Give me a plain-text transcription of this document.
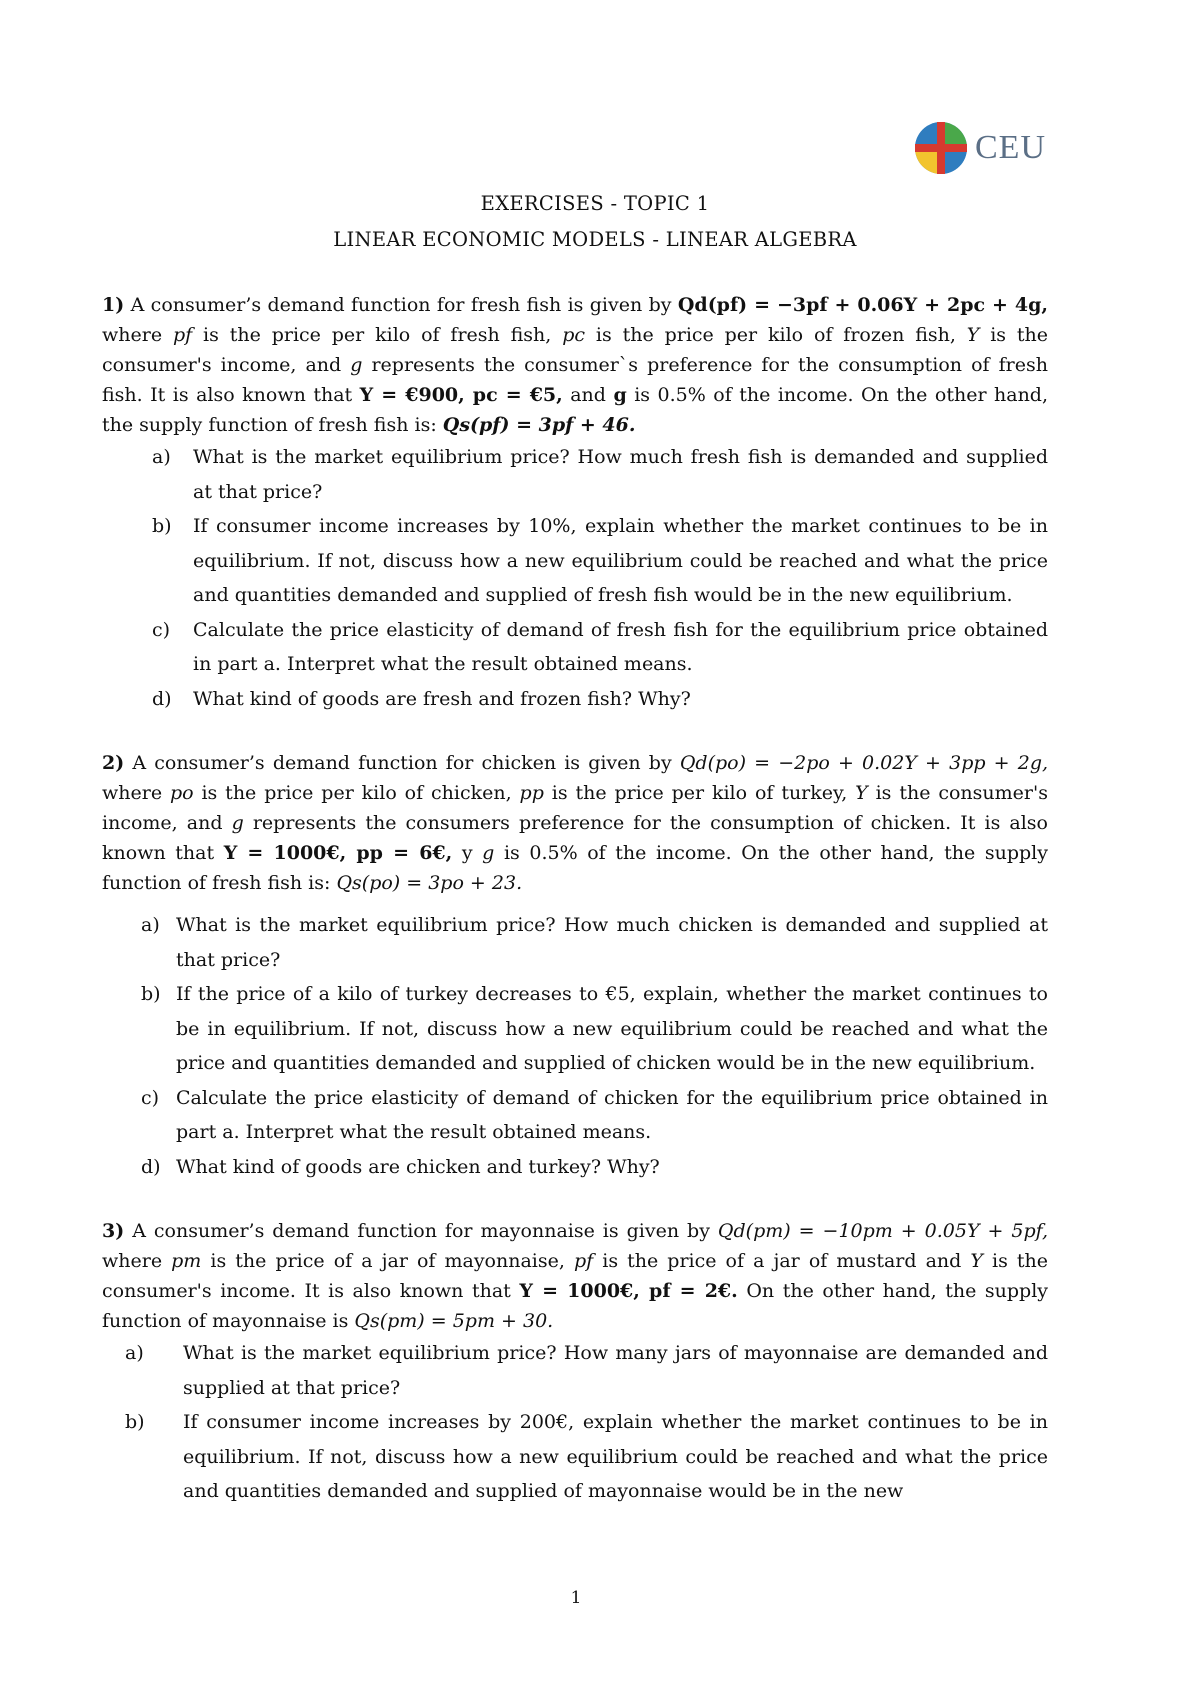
CEU
EXERCISES - TOPIC 1
LINEAR ECONOMIC MODELS - LINEAR ALGEBRA

1) A consumer’s demand function for fresh fish is given by Qd(pf) = −3pf + 0.06Y + 2pc + 4g, where pf is the price per kilo of fresh fish, pc is the price per kilo of frozen fish, Y is the consumer's income, and g represents the consumer`s preference for the consumption of fresh fish. It is also known that Y = €900, pc = €5, and g is 0.5% of the income. On the other hand, the supply function of fresh fish is: Qs(pf) = 3pf + 46.

a)	What is the market equilibrium price? How much fresh fish is demanded and supplied at that price?
b)	If consumer income increases by 10%, explain whether the market continues to be in equilibrium. If not, discuss how a new equilibrium could be reached and what the price and quantities demanded and supplied of fresh fish would be in the new equilibrium.
c)	Calculate the price elasticity of demand of fresh fish for the equilibrium price obtained in part a. Interpret what the result obtained means.
d)	What kind of goods are fresh and frozen fish? Why?

2) A consumer’s demand function for chicken is given by Qd(po) = −2po + 0.02Y + 3pp + 2g, where po is the price per kilo of chicken, pp is the price per kilo of turkey, Y is the consumer's income, and g represents the consumers preference for the consumption of chicken. It is also known that Y = 1000€, pp = 6€, y g is 0.5% of the income. On the other hand, the supply function of fresh fish is: Qs(po) = 3po + 23.

a) What is the market equilibrium price? How much chicken is demanded and supplied at that price?
b) If the price of a kilo of turkey decreases to €5, explain, whether the market continues to be in equilibrium. If not, discuss how a new equilibrium could be reached and what the price and quantities demanded and supplied of chicken would be in the new equilibrium.
c) Calculate the price elasticity of demand of chicken for the equilibrium price obtained in part a. Interpret what the result obtained means.
d) What kind of goods are chicken and turkey? Why?

3) A consumer’s demand function for mayonnaise is given by Qd(pm) = −10pm + 0.05Y + 5pf, where pm is the price of a jar of mayonnaise, pf is the price of a jar of mustard and Y is the consumer's income. It is also known that Y = 1000€, pf = 2€. On the other hand, the supply function of mayonnaise is Qs(pm) = 5pm + 30.

a)	What is the market equilibrium price? How many jars of mayonnaise are demanded and supplied at that price?
b)	If consumer income increases by 200€, explain whether the market continues to be in equilibrium. If not, discuss how a new equilibrium could be reached and what the price and quantities demanded and supplied of mayonnaise would be in the new
1
